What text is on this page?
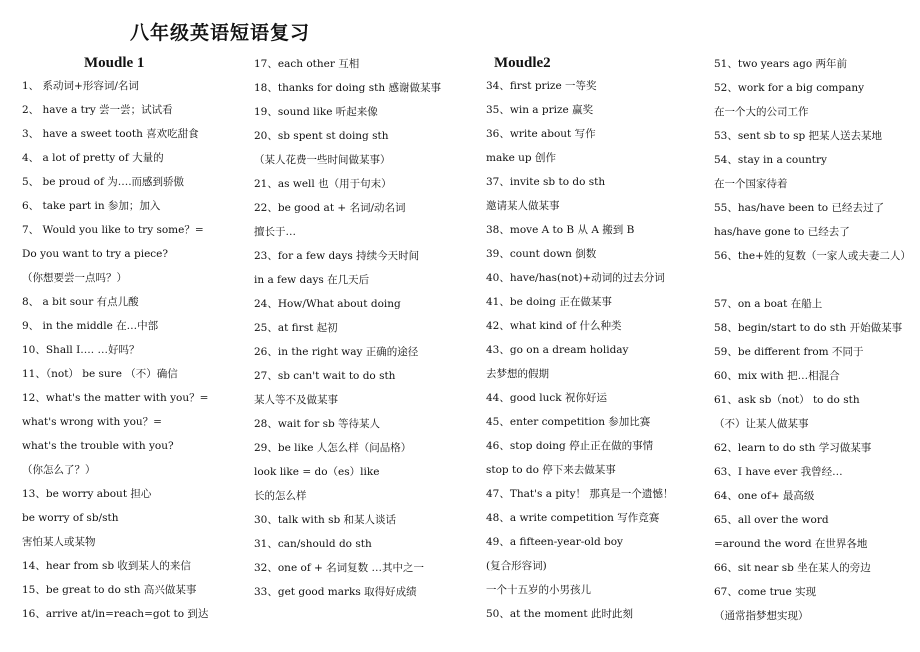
八年级英语短语复习
Moudle 1
1、 系动词+形容词/名词
2、 have a try 尝一尝；试试看
3、 have a sweet tooth 喜欢吃甜食
4、 a lot of pretty of 大量的
5、 be proud of 为….而感到骄傲
6、 take part in 参加；加入
7、 Would you like to try some？=
Do you want to try a piece?
（你想要尝一点吗？）
8、 a bit sour 有点儿酸
9、 in the middle 在…中部
10、Shall I…. …好吗？
11、（not） be sure （不）确信
12、what's the matter with you？=
what's wrong with you？=
what's the trouble with you?
（你怎么了？）
13、be worry about 担心
be worry of sb/sth
害怕某人或某物
14、hear from sb 收到某人的来信
15、be great to do sth 高兴做某事
16、arrive at/in=reach=got to 到达
17、each other 互相
18、thanks for doing sth 感谢做某事
19、sound like 听起来像
20、sb spent st doing sth
（某人花费一些时间做某事）
21、as well 也（用于句末）
22、be good at + 名词/动名词
擅长于…
23、for a few days 持续今天时间
in a few days 在几天后
24、How/What about doing
25、at first 起初
26、in the right way 正确的途径
27、sb can't wait to do sth
某人等不及做某事
28、wait for sb 等待某人
29、be like 人怎么样（问品格）
look like = do（es）like
长的怎么样
30、talk with sb 和某人谈话
31、can/should do sth
32、one of + 名词复数 …其中之一
33、get good marks 取得好成绩
Moudle2
34、first prize 一等奖
35、win a prize 赢奖
36、write about 写作
make up 创作
37、invite sb to do sth
邀请某人做某事
38、move A to B 从 A 搬到 B
39、count down 倒数
40、have/has(not)+动词的过去分词
41、be doing 正在做某事
42、what kind of 什么种类
43、go on a dream holiday
去梦想的假期
44、good luck 祝你好运
45、enter competition 参加比赛
46、stop doing 停止正在做的事情
stop to do 停下来去做某事
47、That's a pity！ 那真是一个遗憾！
48、a write competition 写作竞赛
49、a fifteen-year-old boy
(复合形容词)
一个十五岁的小男孩儿
50、at the moment 此时此刻
51、two years ago 两年前
52、work for a big company
在一个大的公司工作
53、sent sb to sp 把某人送去某地
54、stay in a country
在一个国家待着
55、has/have been to 已经去过了
has/have gone to 已经去了
56、the+姓的复数（一家人或夫妻二人）
57、on a boat 在船上
58、begin/start to do sth 开始做某事
59、be different from 不同于
60、mix with 把…相混合
61、ask sb（not） to do sth
（不）让某人做某事
62、learn to do sth 学习做某事
63、I have ever 我曾经…
64、one of+ 最高级
65、all over the word
=around the word 在世界各地
66、sit near sb 坐在某人的旁边
67、come true 实现
（通常指梦想实现）
